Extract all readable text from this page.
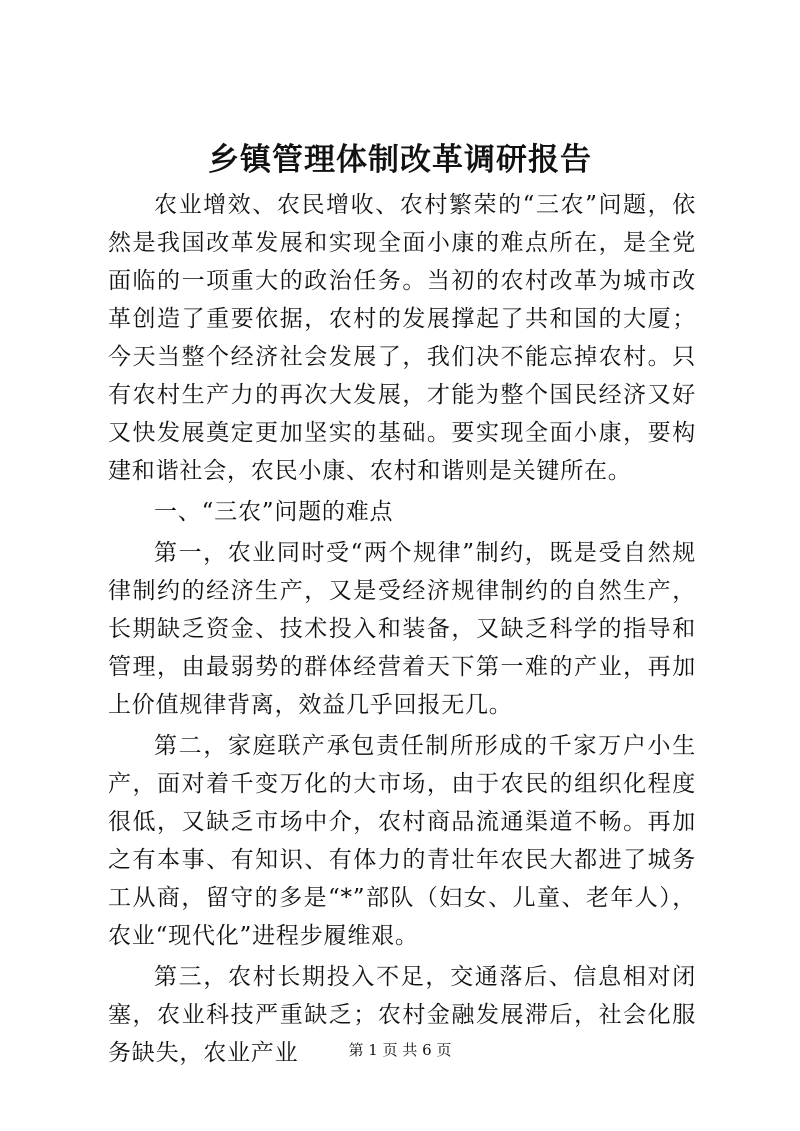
乡镇管理体制改革调研报告

农业增效、农民增收、农村繁荣的“三农”问题，依然是我国改革发展和实现全面小康的难点所在，是全党面临的一项重大的政治任务。当初的农村改革为城市改革创造了重要依据，农村的发展撑起了共和国的大厦；今天当整个经济社会发展了，我们决不能忘掉农村。只有农村生产力的再次大发展，才能为整个国民经济又好又快发展奠定更加坚实的基础。要实现全面小康，要构建和谐社会，农民小康、农村和谐则是关键所在。

一、“三农”问题的难点

第一，农业同时受“两个规律”制约，既是受自然规律制约的经济生产，又是受经济规律制约的自然生产，长期缺乏资金、技术投入和装备，又缺乏科学的指导和管理，由最弱势的群体经营着天下第一难的产业，再加上价值规律背离，效益几乎回报无几。

第二，家庭联产承包责任制所形成的千家万户小生产，面对着千变万化的大市场，由于农民的组织化程度很低，又缺乏市场中介，农村商品流通渠道不畅。再加之有本事、有知识、有体力的青壮年农民大都进了城务工从商，留守的多是“*”部队（妇女、儿童、老年人），农业“现代化”进程步履维艰。

第三，农村长期投入不足，交通落后、信息相对闭塞，农业科技严重缺乏；农村金融发展滞后，社会化服务缺失，农业产业	第 1 页 共 6 页
